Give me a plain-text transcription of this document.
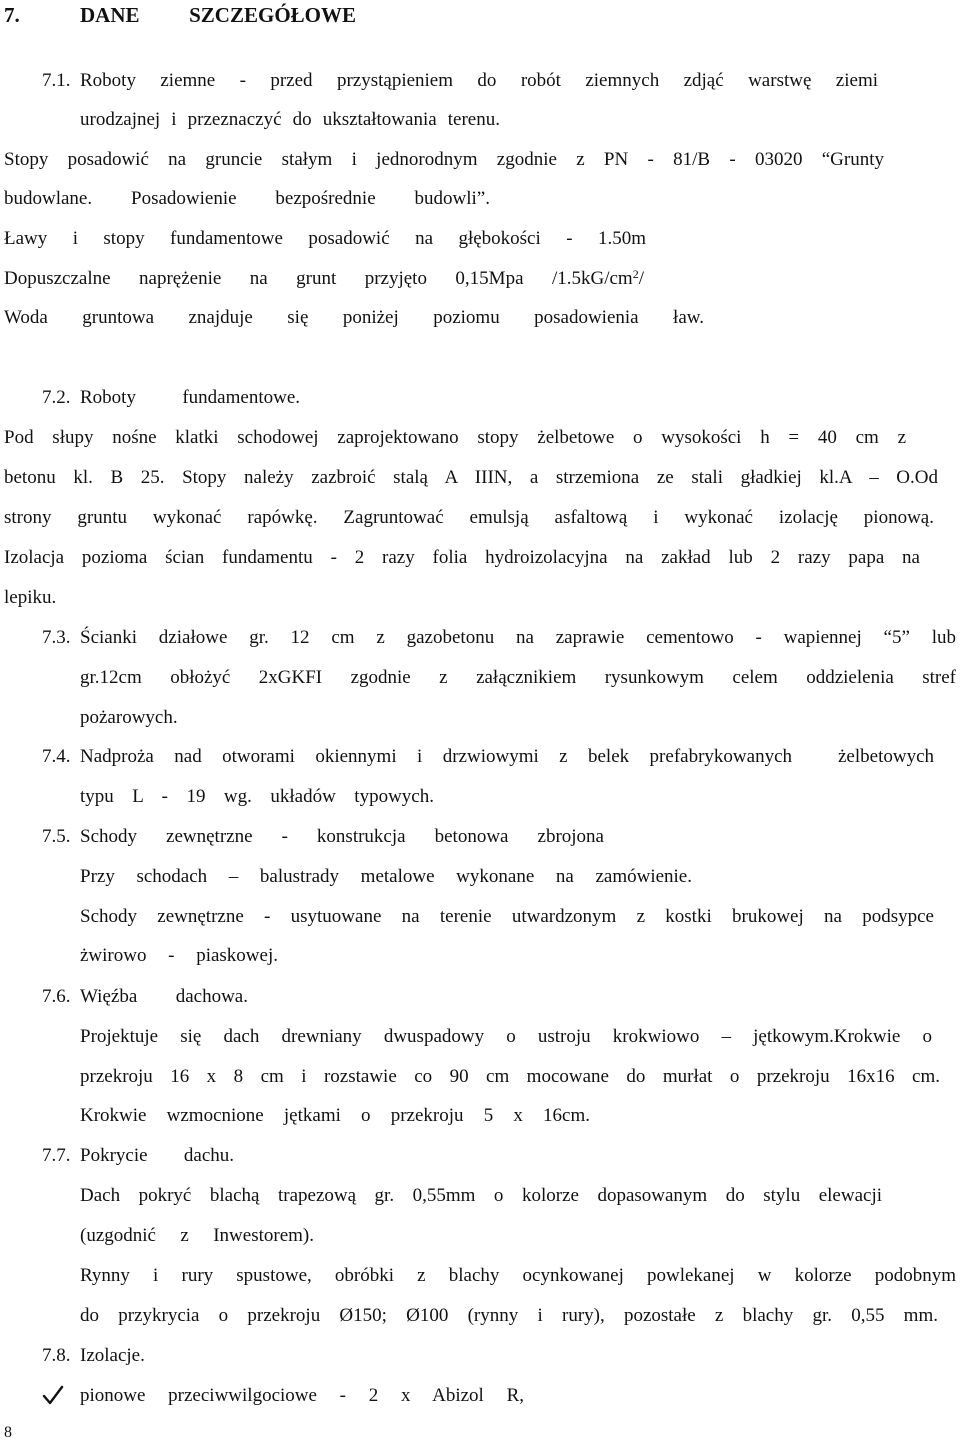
7.	DANE SZCZEGÓŁOWE
7.1. Roboty ziemne - przed przystąpieniem do robót ziemnych zdjąć warstwę ziemi
urodzajnej i przeznaczyć do ukształtowania terenu.
Stopy posadowić na gruncie stałym i jednorodnym zgodnie z PN - 81/B - 03020 “Grunty
budowlane. Posadowienie bezpośrednie budowli”.
Ławy i stopy fundamentowe posadowić na głębokości - 1.50m
Dopuszczalne naprężenie na grunt przyjęto 0,15Mpa $/1.5kG/cm^2/$
Woda gruntowa znajduje się poniżej poziomu posadowienia ław.
7.2. Roboty fundamentowe.
Pod słupy nośne klatki schodowej zaprojektowano stopy żelbetowe o wysokości h = 40 cm z
betonu kl. B 25. Stopy należy zazbroić stalą A IIIN, a strzemiona ze stali gładkiej kl.A – O.Od
strony gruntu wykonać rapówkę. Zagruntować emulsją asfaltową i wykonać izolację pionową.
Izolacja pozioma ścian fundamentu - 2 razy folia hydroizolacyjna na zakład lub 2 razy papa na
lepiku.
7.3. Ścianki działowe gr. 12 cm z gazobetonu na zaprawie cementowo - wapiennej “5” lub
gr.12cm obłożyć 2xGKFI zgodnie z załącznikiem rysunkowym celem oddzielenia stref
pożarowych.
7.4. Nadproża nad otworami okiennymi i drzwiowymi z belek prefabrykowanych żelbetowych
typu L - 19 wg. układów typowych.
7.5. Schody zewnętrzne - konstrukcja betonowa zbrojona
Przy schodach – balustrady metalowe wykonane na zamówienie.
Schody zewnętrzne - usytuowane na terenie utwardzonym z kostki brukowej na podsypce
żwirowo - piaskowej.
7.6. Więźba dachowa.
Projektuje się dach drewniany dwuspadowy o ustroju krokwiowo – jętkowym.Krokwie o
przekroju 16 x 8 cm i rozstawie co 90 cm mocowane do murłat o przekroju 16x16 cm.
Krokwie wzmocnione jętkami o przekroju 5 x 16cm.
7.7. Pokrycie dachu.
Dach pokryć blachą trapezową gr. 0,55mm o kolorze dopasowanym do stylu elewacji
(uzgodnić z Inwestorem).
Rynny i rury spustowe, obróbki z blachy ocynkowanej powlekanej w kolorze podobnym
do przykrycia o przekroju Ø150; Ø100 (rynny i rury), pozostałe z blachy gr. 0,55 mm.
7.8. Izolacje.
pionowe przeciwwilgociowe - 2 x Abizol R,
8
